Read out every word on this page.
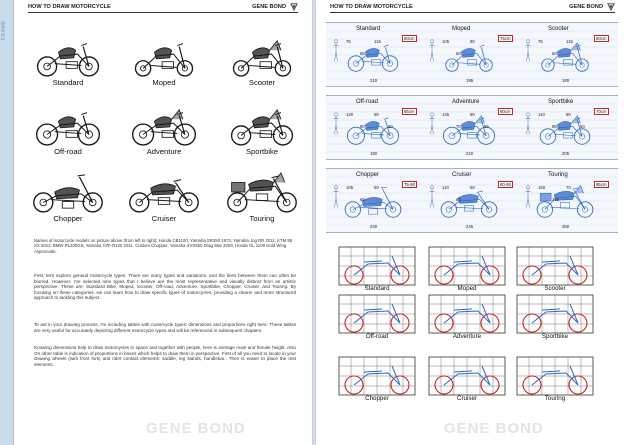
FRAME
HOW TO DRAW MOTORCYCLE	GENE BOND
Standard	Moped	Scooter
Off-road	Adventure	Sportbike
Chopper	Cruiser	Touring
Names of motorcycle models on picture above (from left to right): Honda CB1100, Yamaha SR250 1973, Yamaha Jog RR 2011, KTM 85 SX 2012, BMW R1200GS, Yamaha YZF-R125 2011, Custom Chopper, Yamaha XVS650 Drag Star 2003, Honda GL 1100 Gold Wing Aspencade.
First, let's explore general motorcycle types. There are many types and variations, and the lines between them can often be blurred. However, I've selected nine types that I believe are the most representative and visually distinct from an artistic perspective. These are: Standard Bike, Moped, Scooter, Off-road, Adventure, Sportbike, Chopper, Cruiser, and Touring. By focusing on these categories, we can learn how to draw specific types of motorcycles, providing a clearer and more structured approach to tackling this subject.
To aid in your drawing process, I'm including tables with motorcycle types' dimensions and proportions right here. These tables are very useful for accurately depicting different motorcycle types and will be referenced in subsequent chapters.
Knowing dimensions help to draw motorcycles in space and together with people, here is average male and female height. Also On other table is indication of proportions in boxes which helps to draw them in perspective. First of all you need to locate in your drawing wheels (with front fork) and rider contact elements: saddle, leg stands, handlebar.. Then is easier to place the rest elements.
GENE BOND
HOW TO DRAW MOTORCYCLE	GENE BOND
Standard
80cm
210
75
65
115
Moped
75cm
195
105
60
80
Scooter
80cm
180
75
60
115
Off-road
65cm
190
120
80
90
60
Adventure
90cm
210
145
70
80
85
Sportbike
70cm
205
110
85
80
50
Chopper
75-90
240
105
65
60
Cruiser
80-90
245
110
65
60
Touring
95cm
260
150
115
70
Standard	Moped	Scooter
Off-road	Adventure	Sportbike
Chopper	Cruiser	Touring
GENE BOND
